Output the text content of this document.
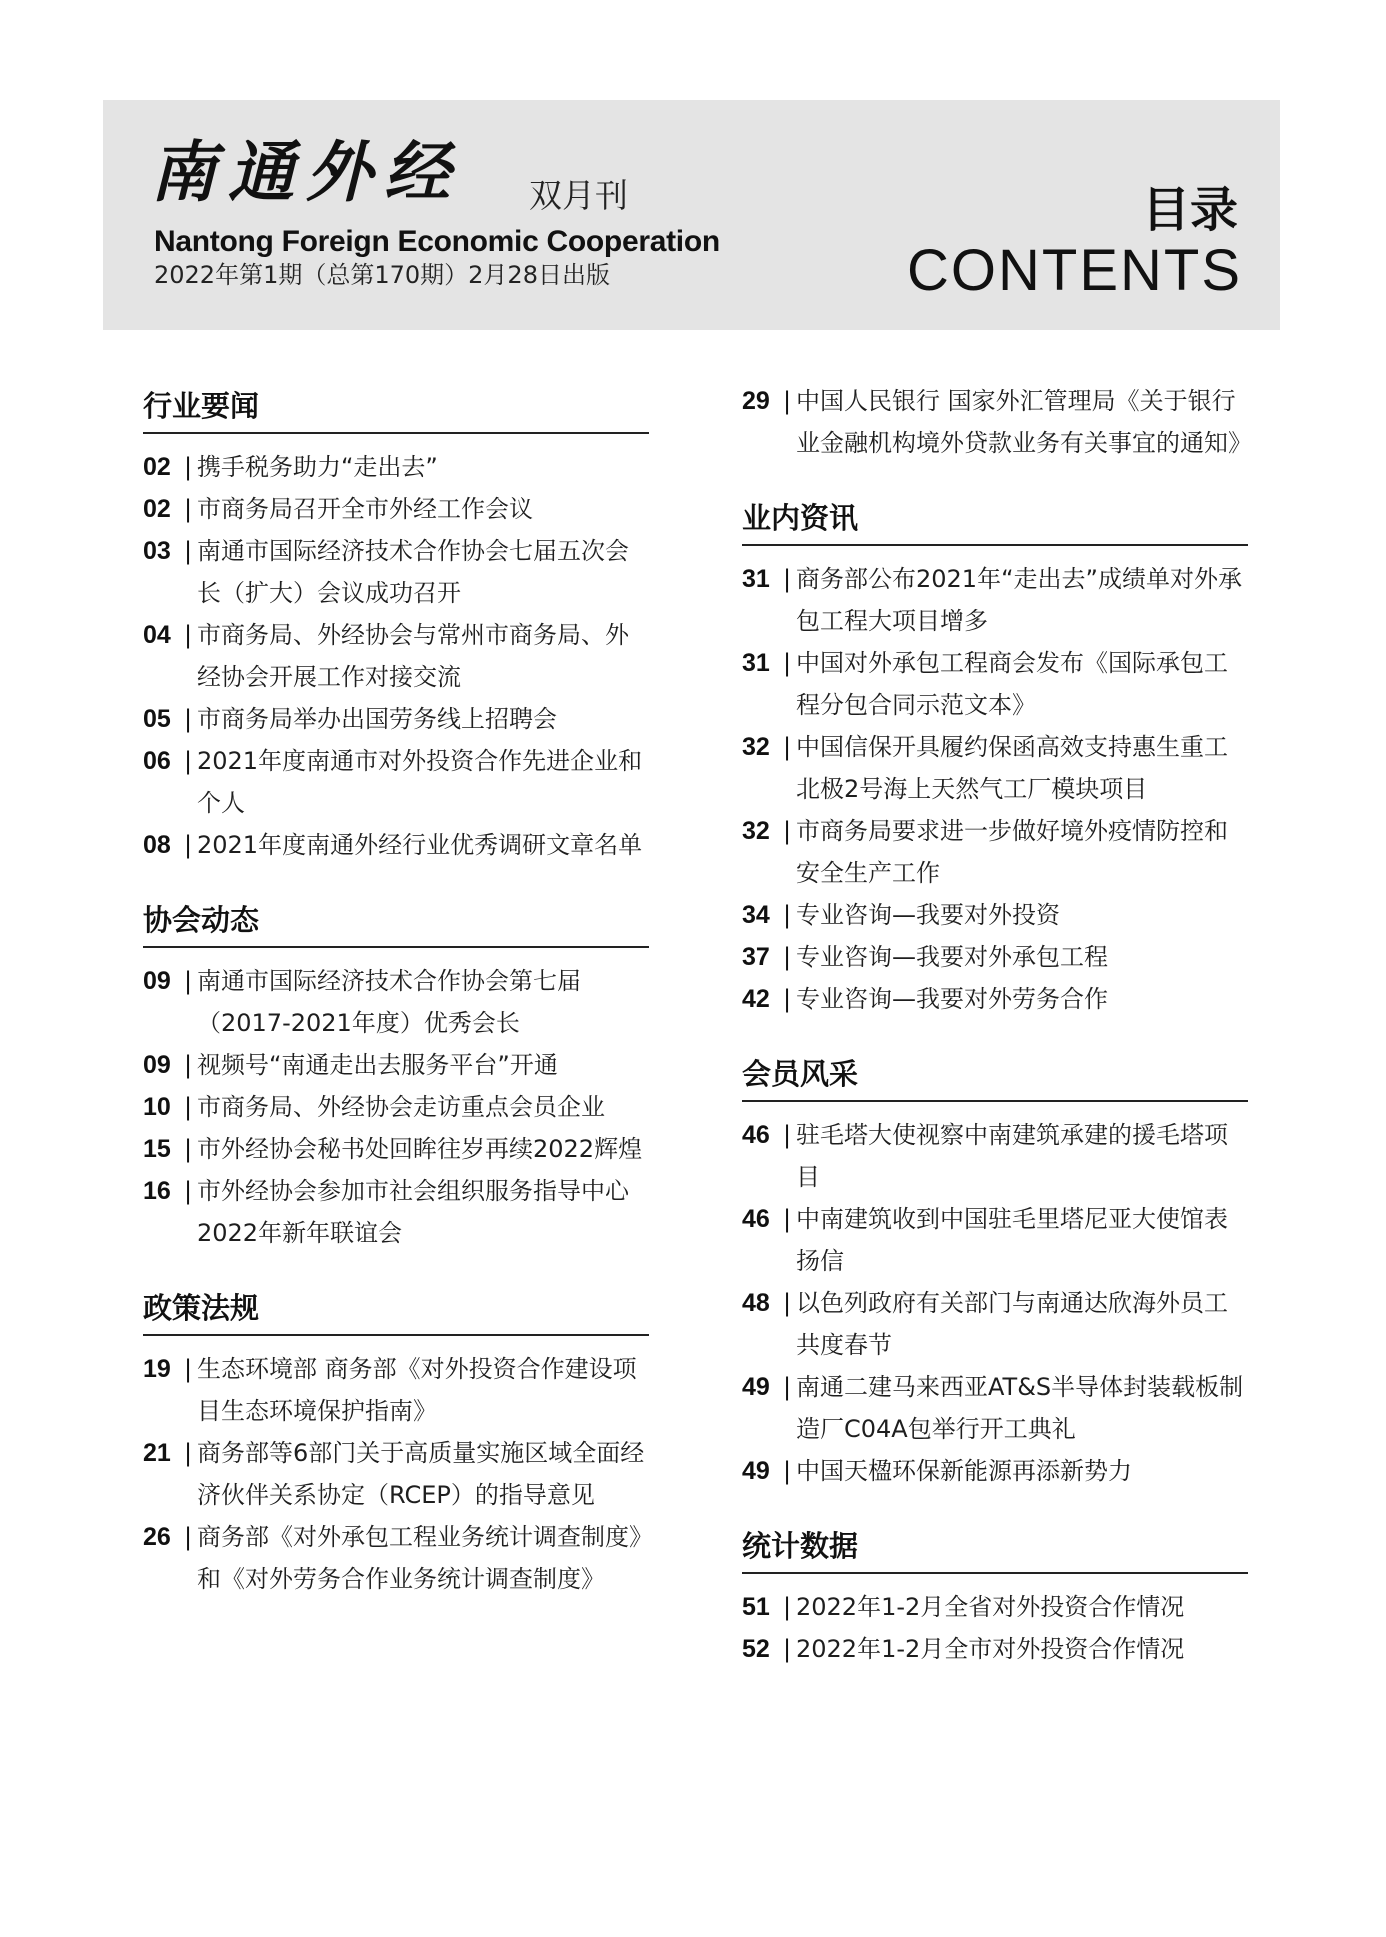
南通外经 双月刊
Nantong Foreign Economic Cooperation
2022年第1期（总第170期）2月28日出版
目录
CONTENTS
行业要闻
02 | 携手税务助力“走出去”
02 | 市商务局召开全市外经工作会议
03 | 南通市国际经济技术合作协会七届五次会长（扩大）会议成功召开
04 | 市商务局、外经协会与常州市商务局、外经协会开展工作对接交流
05 | 市商务局举办出国劳务线上招聘会
06 | 2021年度南通市对外投资合作先进企业和个人
08 | 2021年度南通外经行业优秀调研文章名单
协会动态
09 | 南通市国际经济技术合作协会第七届（2017-2021年度）优秀会长
09 | 视频号“南通走出去服务平台”开通
10 | 市商务局、外经协会走访重点会员企业
15 | 市外经协会秘书处回眸往岁再续2022辉煌
16 | 市外经协会参加市社会组织服务指导中心2022年新年联谊会
政策法规
19 | 生态环境部 商务部《对外投资合作建设项目生态环境保护指南》
21 | 商务部等6部门关于高质量实施区域全面经济伙伴关系协定（RCEP）的指导意见
26 | 商务部《对外承包工程业务统计调查制度》和《对外劳务合作业务统计调查制度》
29 | 中国人民银行 国家外汇管理局《关于银行业金融机构境外贷款业务有关事宜的通知》
业内资讯
31 | 商务部公布2021年“走出去”成绩单对外承包工程大项目增多
31 | 中国对外承包工程商会发布《国际承包工程分包合同示范文本》
32 | 中国信保开具履约保函高效支持惠生重工北极2号海上天然气工厂模块项目
32 | 市商务局要求进一步做好境外疫情防控和安全生产工作
34 | 专业咨询—我要对外投资
37 | 专业咨询—我要对外承包工程
42 | 专业咨询—我要对外劳务合作
会员风采
46 | 驻毛塔大使视察中南建筑承建的援毛塔项目
46 | 中南建筑收到中国驻毛里塔尼亚大使馆表扬信
48 | 以色列政府有关部门与南通达欣海外员工共度春节
49 | 南通二建马来西亚AT&S半导体封装载板制造厂C04A包举行开工典礼
49 | 中国天楹环保新能源再添新势力
统计数据
51 | 2022年1-2月全省对外投资合作情况
52 | 2022年1-2月全市对外投资合作情况
